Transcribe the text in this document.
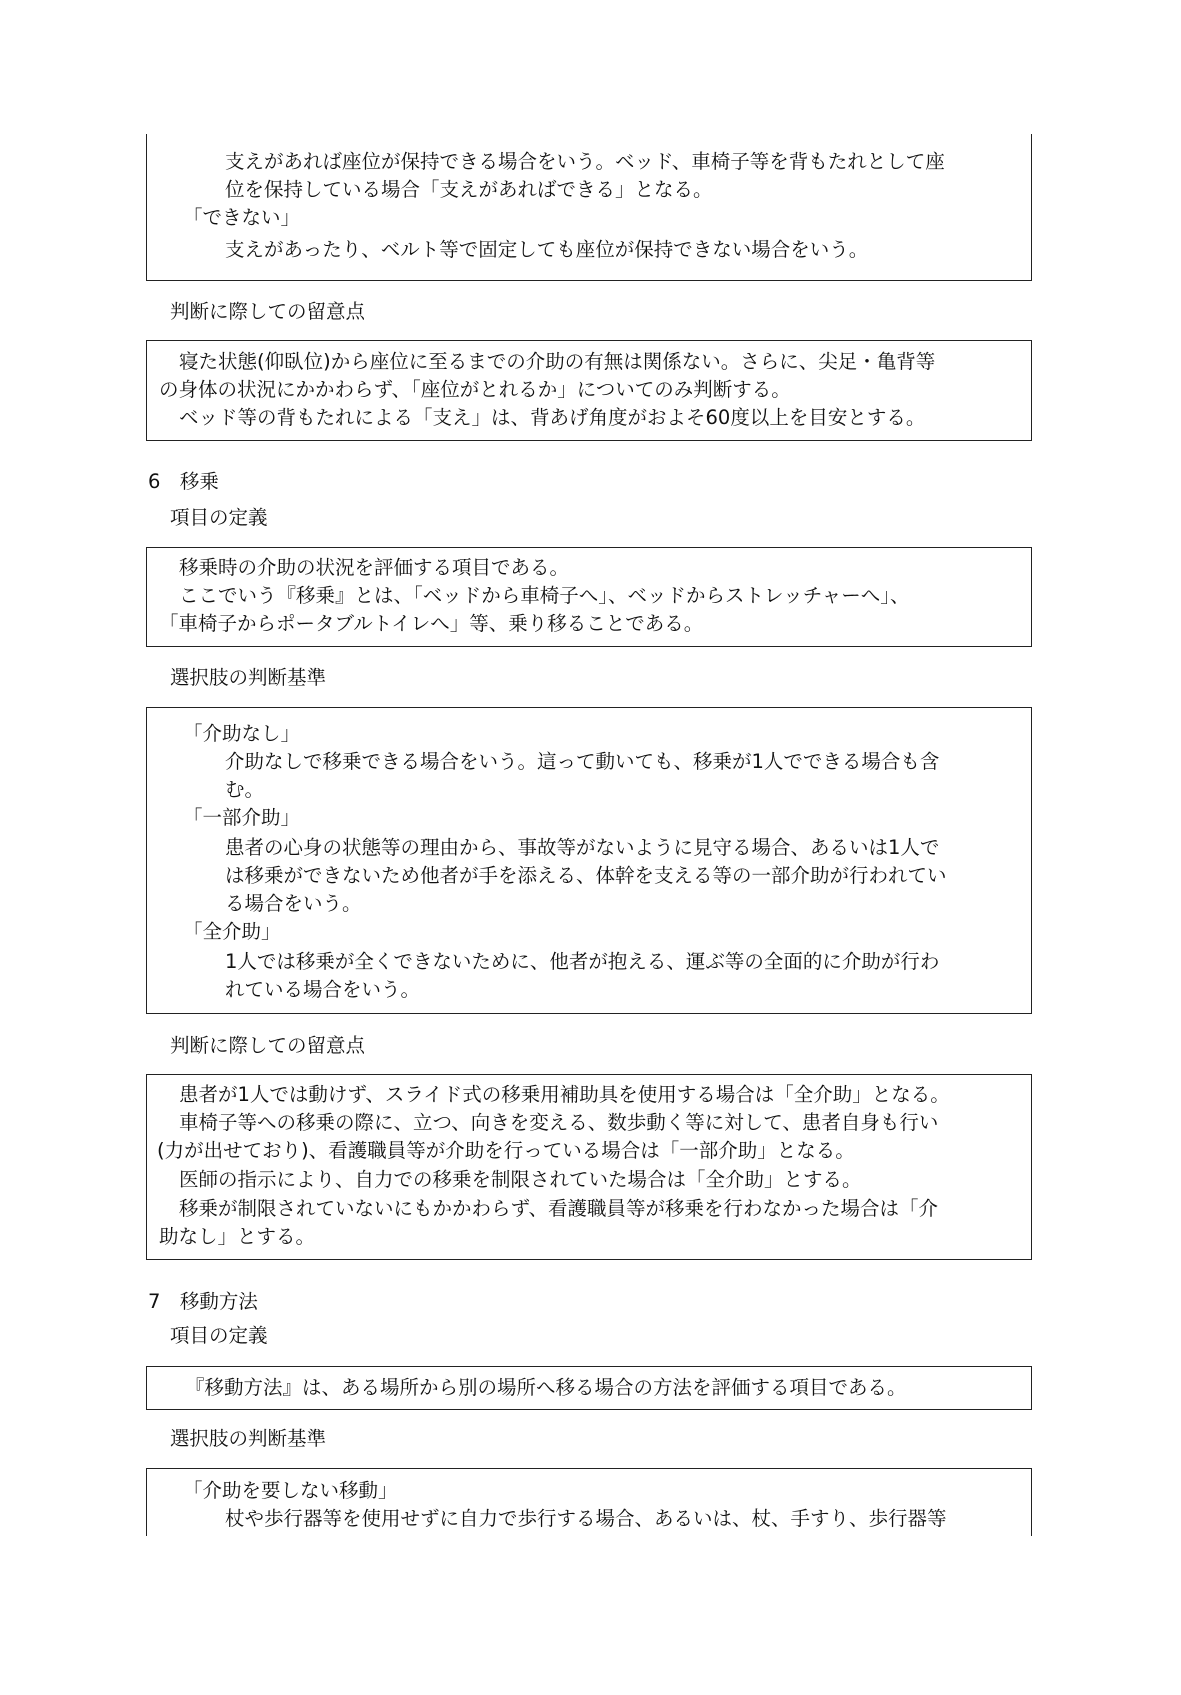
支えがあれば座位が保持できる場合をいう。ベッド、車椅子等を背もたれとして座
位を保持している場合「支えがあればできる」となる。
「できない」
支えがあったり、ベルト等で固定しても座位が保持できない場合をいう。
判断に際しての留意点
寝た状態(仰臥位)から座位に至るまでの介助の有無は関係ない。さらに、尖足・亀背等
の身体の状況にかかわらず、「座位がとれるか」についてのみ判断する。
ベッド等の背もたれによる「支え」は、背あげ角度がおよそ60度以上を目安とする。
6　移乗
項目の定義
移乗時の介助の状況を評価する項目である。
ここでいう『移乗』とは、「ベッドから車椅子へ」、ベッドからストレッチャーへ」、
「車椅子からポータブルトイレへ」等、乗り移ることである。
選択肢の判断基準
「介助なし」
介助なしで移乗できる場合をいう。這って動いても、移乗が1人でできる場合も含
む。
「一部介助」
患者の心身の状態等の理由から、事故等がないように見守る場合、あるいは1人で
は移乗ができないため他者が手を添える、体幹を支える等の一部介助が行われてい
る場合をいう。
「全介助」
1人では移乗が全くできないために、他者が抱える、運ぶ等の全面的に介助が行わ
れている場合をいう。
判断に際しての留意点
患者が1人では動けず、スライド式の移乗用補助具を使用する場合は「全介助」となる。
車椅子等への移乗の際に、立つ、向きを変える、数歩動く等に対して、患者自身も行い
(力が出せており)、看護職員等が介助を行っている場合は「一部介助」となる。
医師の指示により、自力での移乗を制限されていた場合は「全介助」とする。
移乗が制限されていないにもかかわらず、看護職員等が移乗を行わなかった場合は「介
助なし」とする。
7　移動方法
項目の定義
『移動方法』は、ある場所から別の場所へ移る場合の方法を評価する項目である。
選択肢の判断基準
「介助を要しない移動」
杖や歩行器等を使用せずに自力で歩行する場合、あるいは、杖、手すり、歩行器等
